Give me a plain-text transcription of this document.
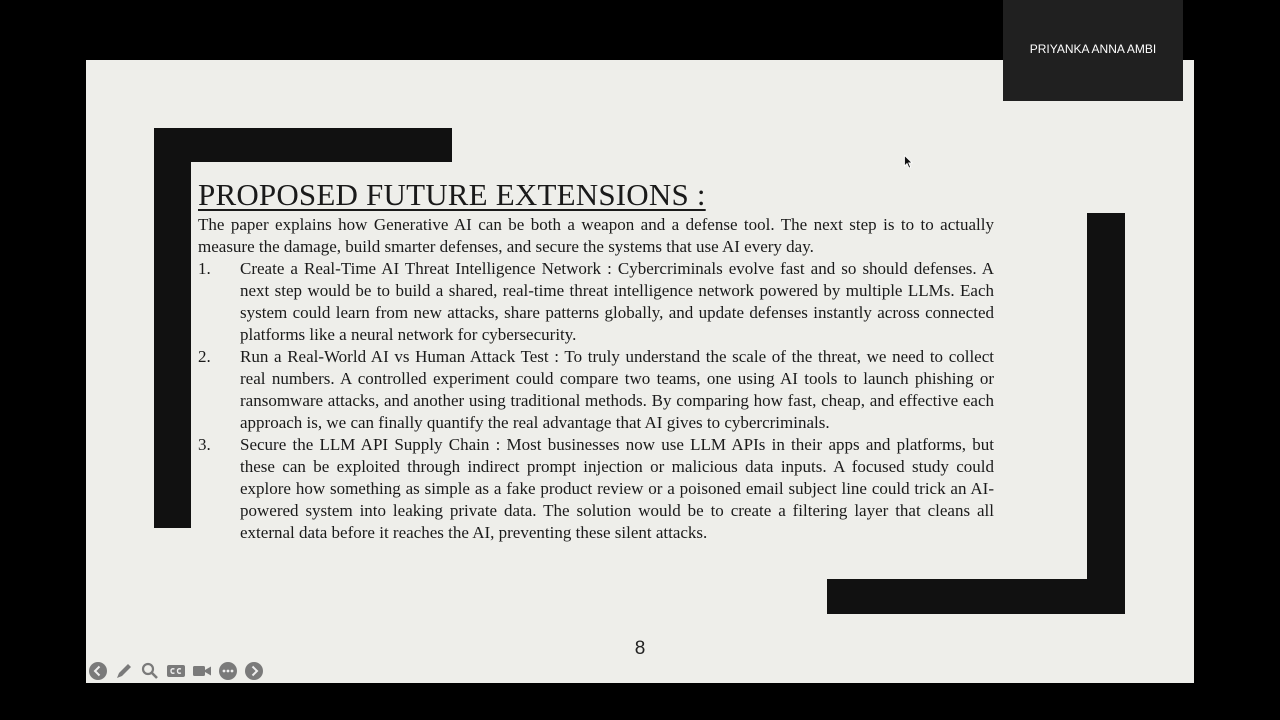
PROPOSED FUTURE EXTENSIONS :

The paper explains how Generative AI can be both a weapon and a defense tool. The next step is to to actually measure the damage, build smarter defenses, and secure the systems that use AI every day.

1.	Create a Real-Time AI Threat Intelligence Network : Cybercriminals evolve fast and so should defenses. A next step would be to build a shared, real-time threat intelligence network powered by multiple LLMs. Each system could learn from new attacks, share patterns globally, and update defenses instantly across connected platforms like a neural network for cybersecurity.
2.	Run a Real-World AI vs Human Attack Test : To truly understand the scale of the threat, we need to collect real numbers. A controlled experiment could compare two teams, one using AI tools to launch phishing or ransomware attacks, and another using traditional methods. By comparing how fast, cheap, and effective each approach is, we can finally quantify the real advantage that AI gives to cybercriminals.
3.	Secure the LLM API Supply Chain : Most businesses now use LLM APIs in their apps and platforms, but these can be exploited through indirect prompt injection or malicious data inputs. A focused study could explore how something as simple as a fake product review or a poisoned email subject line could trick an AI-powered system into leaking private data. The solution would be to create a filtering layer that cleans all external data before it reaches the AI, preventing these silent attacks.
8
PRIYANKA ANNA AMBI
